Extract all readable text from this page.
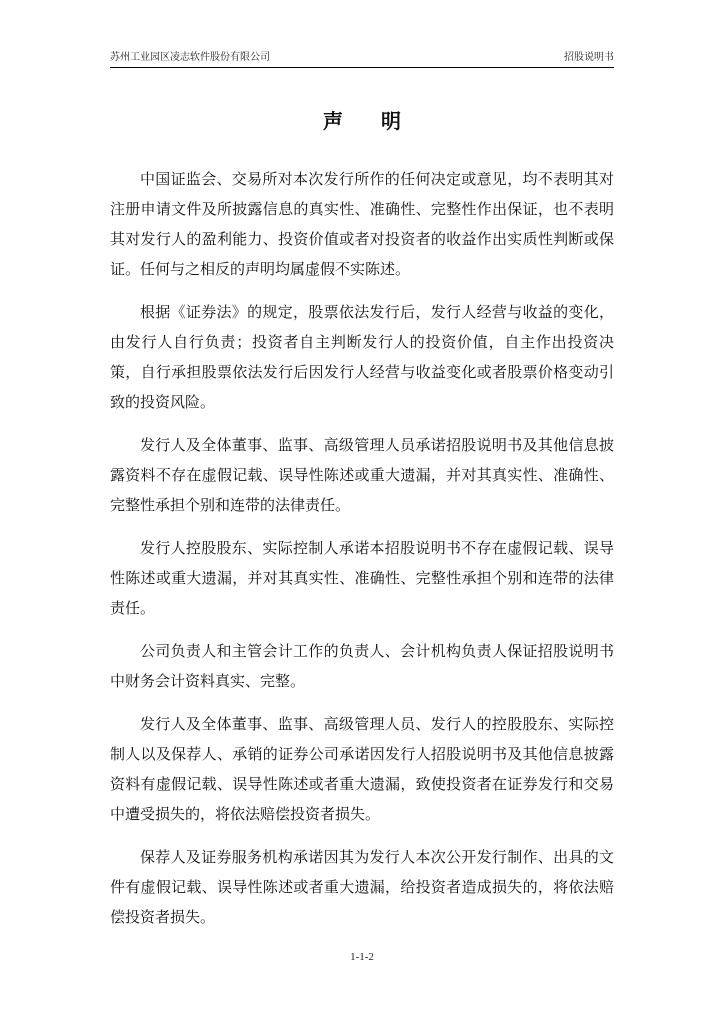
苏州工业园区凌志软件股份有限公司	招股说明书
声明

中国证监会、交易所对本次发行所作的任何决定或意见，均不表明其对注册申请文件及所披露信息的真实性、准确性、完整性作出保证，也不表明其对发行人的盈利能力、投资价值或者对投资者的收益作出实质性判断或保证。任何与之相反的声明均属虚假不实陈述。

根据《证券法》的规定，股票依法发行后，发行人经营与收益的变化，由发行人自行负责；投资者自主判断发行人的投资价值，自主作出投资决策，自行承担股票依法发行后因发行人经营与收益变化或者股票价格变动引致的投资风险。

发行人及全体董事、监事、高级管理人员承诺招股说明书及其他信息披露资料不存在虚假记载、误导性陈述或重大遗漏，并对其真实性、准确性、完整性承担个别和连带的法律责任。

发行人控股股东、实际控制人承诺本招股说明书不存在虚假记载、误导性陈述或重大遗漏，并对其真实性、准确性、完整性承担个别和连带的法律责任。

公司负责人和主管会计工作的负责人、会计机构负责人保证招股说明书中财务会计资料真实、完整。

发行人及全体董事、监事、高级管理人员、发行人的控股股东、实际控制人以及保荐人、承销的证券公司承诺因发行人招股说明书及其他信息披露资料有虚假记载、误导性陈述或者重大遗漏，致使投资者在证券发行和交易中遭受损失的，将依法赔偿投资者损失。

保荐人及证券服务机构承诺因其为发行人本次公开发行制作、出具的文件有虚假记载、误导性陈述或者重大遗漏，给投资者造成损失的，将依法赔偿投资者损失。

1-1-2
